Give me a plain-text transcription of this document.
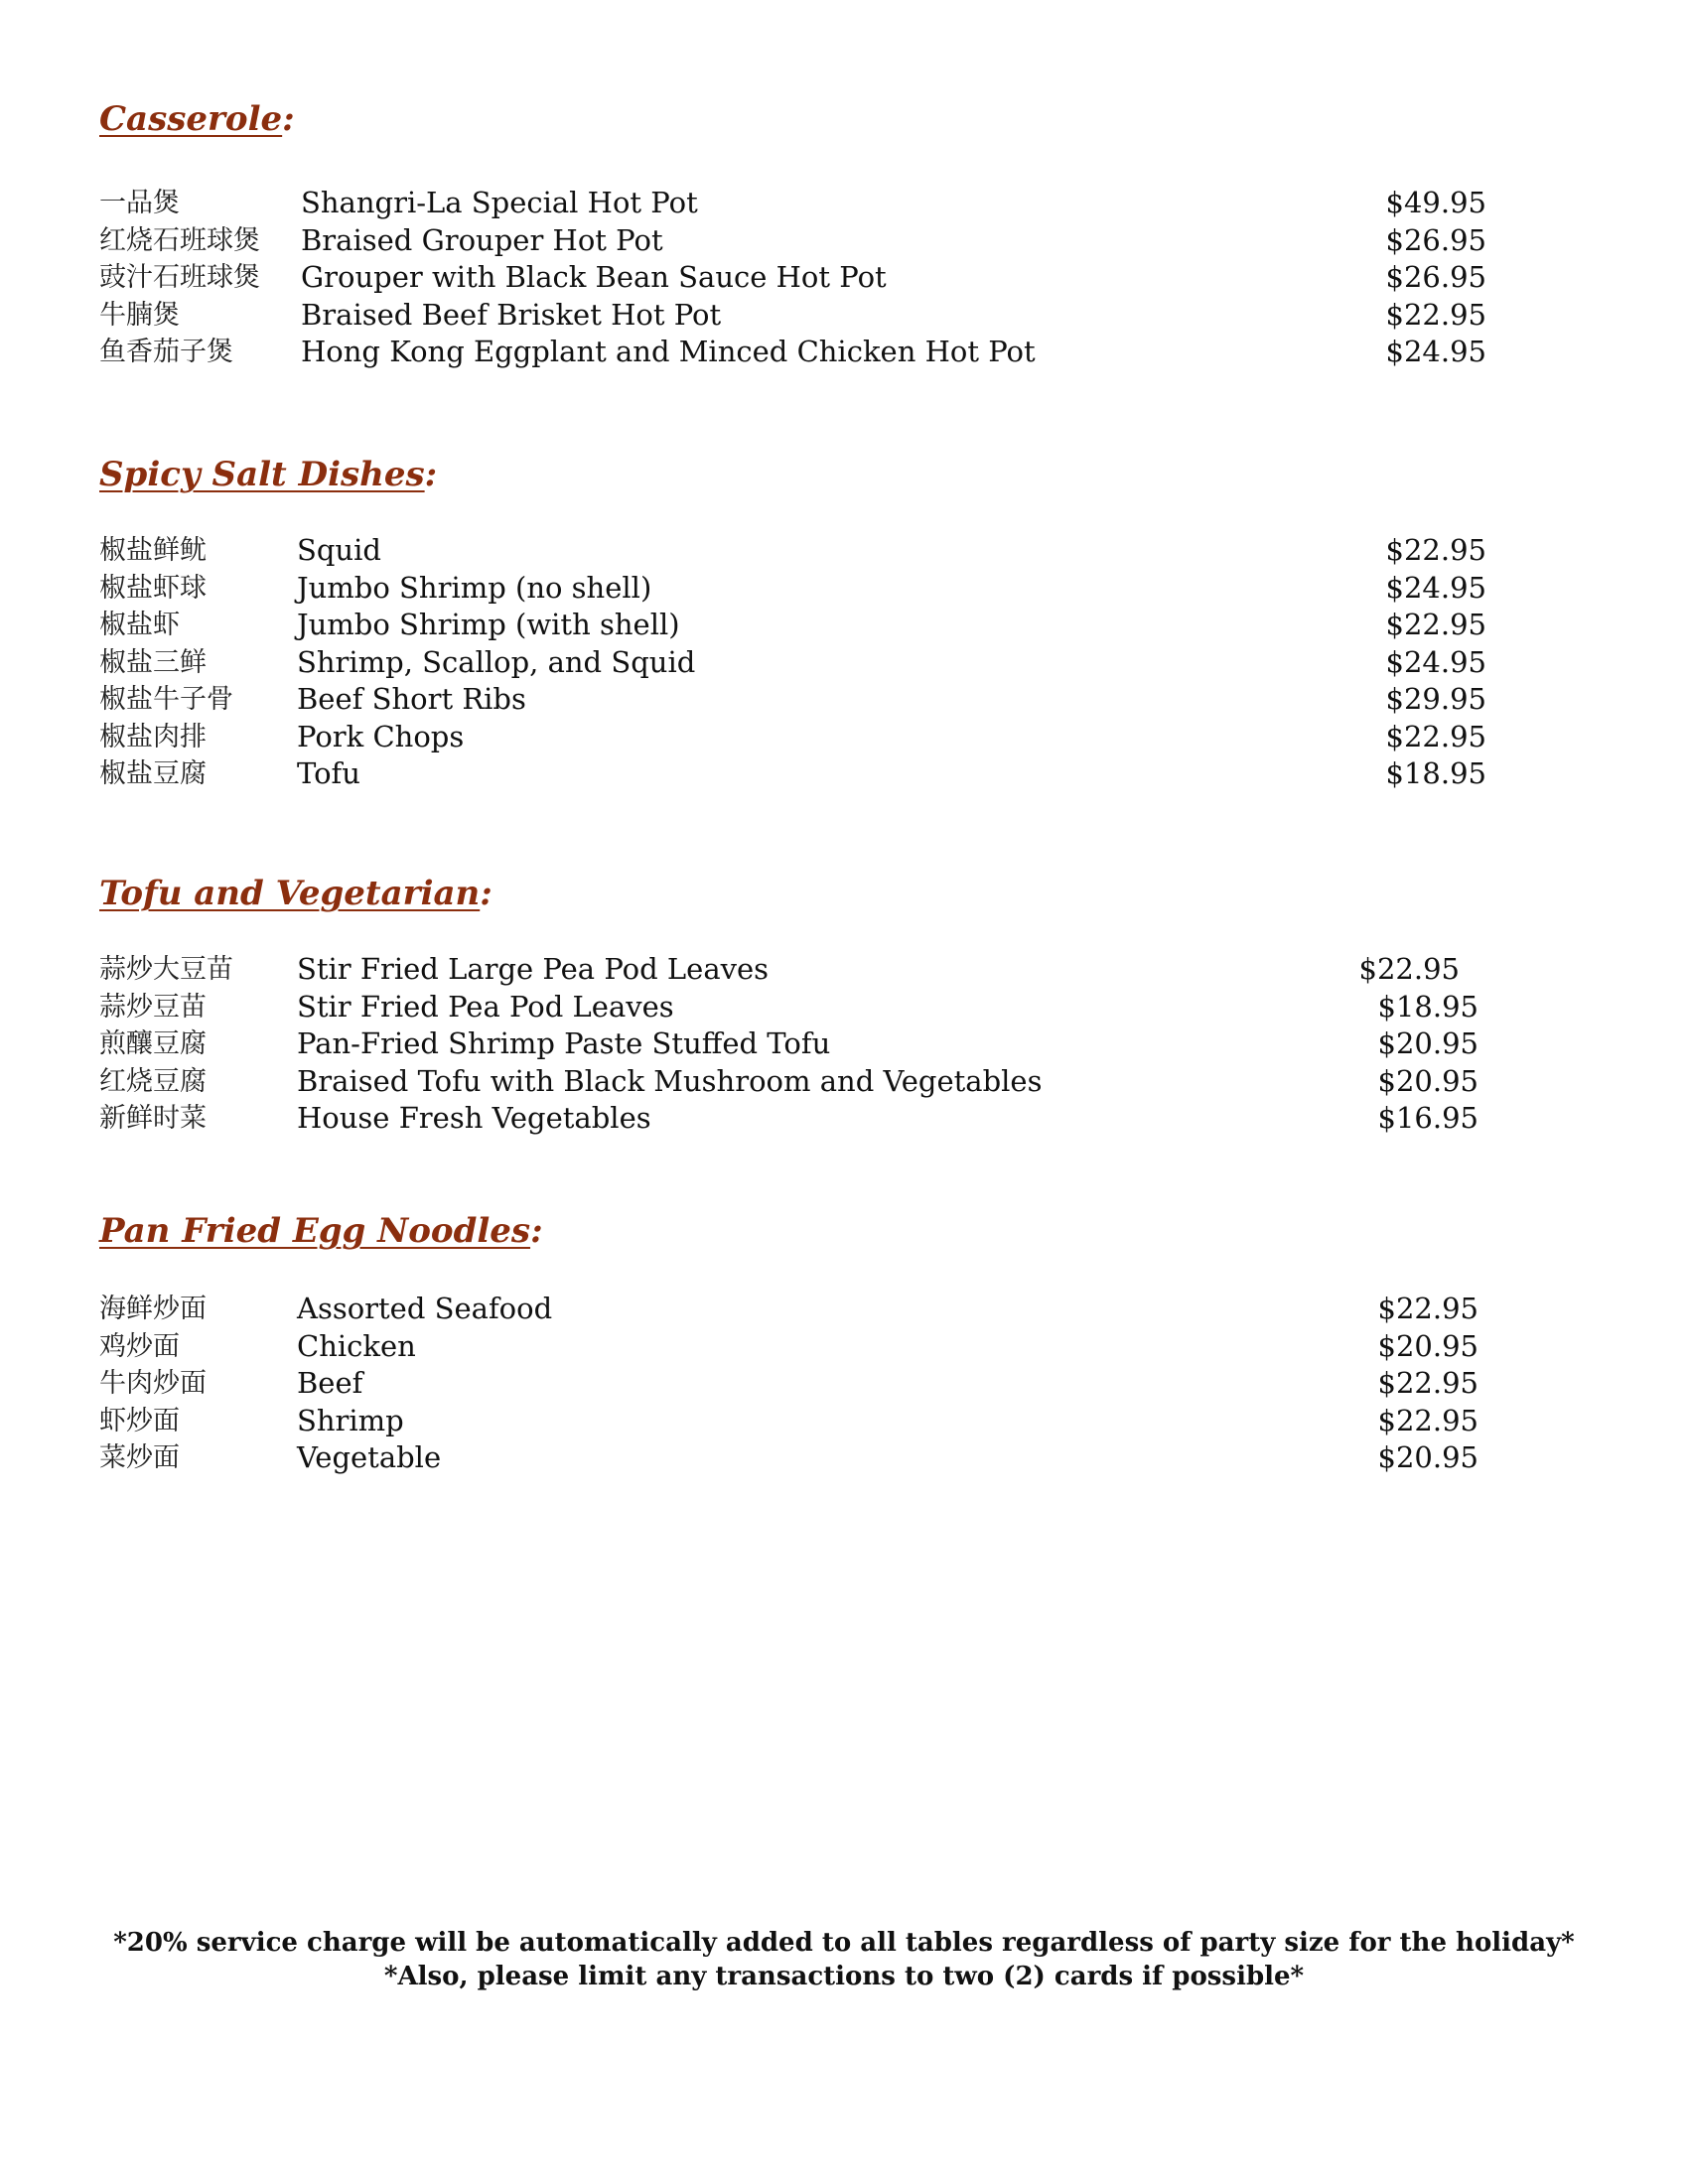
Casserole:
一品煲	Shangri-La Special Hot Pot	$49.95
红烧石班球煲 Braised Grouper Hot Pot	$26.95
豉汁石班球煲 Grouper with Black Bean Sauce Hot Pot	$26.95
牛腩煲	Braised Beef Brisket Hot Pot	$22.95
鱼香茄子煲 Hong Kong Eggplant and Minced Chicken Hot Pot	$24.95
Spicy Salt Dishes:
椒盐鲜鱿	Squid	$22.95
椒盐虾球	Jumbo Shrimp (no shell)	$24.95
椒盐虾	Jumbo Shrimp (with shell)	$22.95
椒盐三鲜	Shrimp, Scallop, and Squid	$24.95
椒盐牛子骨 Beef Short Ribs	$29.95
椒盐肉排	Pork Chops	$22.95
椒盐豆腐	Tofu	$18.95
Tofu and Vegetarian:
蒜炒大豆苗 Stir Fried Large Pea Pod Leaves	$22.95
蒜炒豆苗	Stir Fried Pea Pod Leaves	$18.95
煎釀豆腐	Pan-Fried Shrimp Paste Stuffed Tofu	$20.95
红烧豆腐	Braised Tofu with Black Mushroom and Vegetables	$20.95
新鲜时菜	House Fresh Vegetables	$16.95
Pan Fried Egg Noodles:
海鲜炒面	Assorted Seafood	$22.95
鸡炒面	Chicken	$20.95
牛肉炒面	Beef	$22.95
虾炒面	Shrimp	$22.95
菜炒面	Vegetable	$20.95
*20% service charge will be automatically added to all tables regardless of party size for the holiday*
*Also, please limit any transactions to two (2) cards if possible*
